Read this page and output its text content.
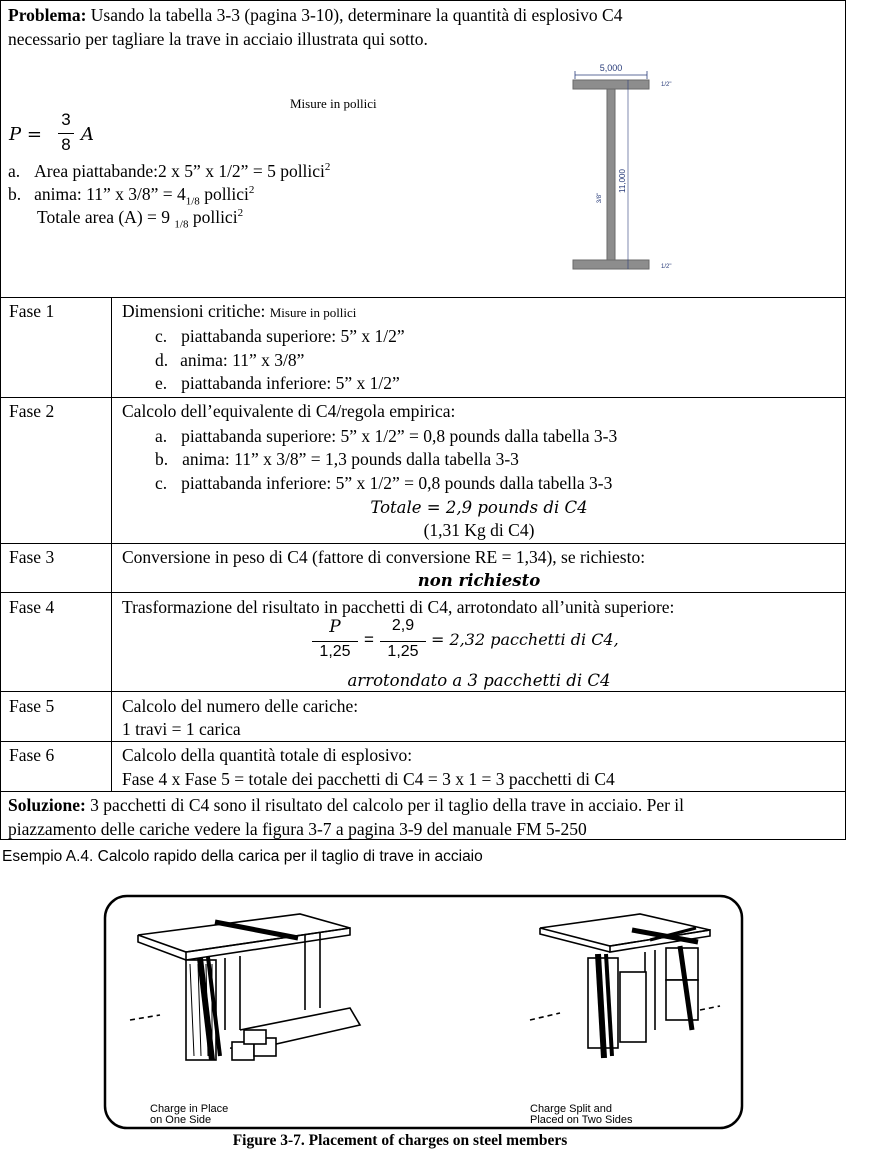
Problema: Usando la tabella 3-3 (pagina 3-10), determinare la quantità di esplosivo C4
necessario per tagliare la trave in acciaio illustrata qui sotto.
Misure in pollici
P =
3
8 A
a. Area piattabande:2 x 5” x 1/2” = 5 pollici$^2$
b. anima: 11” x 3/8” = $4_{1/8}$ pollici$^2$
Totale area (A) = 9 $_{1/8}$ pollici$^2$
5,000
11,000
1/2"
1/2"
3/8"
Fase 1	Dimensioni critiche: Misure in pollici
c. piattabanda superiore: 5” x 1/2”
d. anima: 11” x 3/8”
e. piattabanda inferiore: 5” x 1/2”
Fase 2	Calcolo dell’equivalente di C4/regola empirica:
a. piattabanda superiore: 5” x 1/2” = 0,8 pounds dalla tabella 3-3
b. anima: 11” x 3/8” = 1,3 pounds dalla tabella 3-3
c. piattabanda inferiore: 5” x 1/2” = 0,8 pounds dalla tabella 3-3
Totale = 2,9 pounds di C4
(1,31 Kg di C4)
Fase 3	Conversione in peso di C4 (fattore di conversione RE = 1,34), se richiesto:
non richiesto
Fase 4	Trasformazione del risultato in pacchetti di C4, arrotondato all’unità superiore:
P
1,25
=
2,9
1,25
= 2,32 pacchetti di C4,
arrotondato a 3 pacchetti di C4
Fase 5	Calcolo del numero delle cariche:
1 travi = 1 carica
Fase 6	Calcolo della quantità totale di esplosivo:
Fase 4 x Fase 5 = totale dei pacchetti di C4 = 3 x 1 = 3 pacchetti di C4
Soluzione: 3 pacchetti di C4 sono il risultato del calcolo per il taglio della trave in acciaio. Per il
piazzamento delle cariche vedere la figura 3-7 a pagina 3-9 del manuale FM 5-250
Esempio A.4. Calcolo rapido della carica per il taglio di trave in acciaio
Charge in Place
on One Side
Charge Split and
Placed on Two Sides
Figure 3-7. Placement of charges on steel members
